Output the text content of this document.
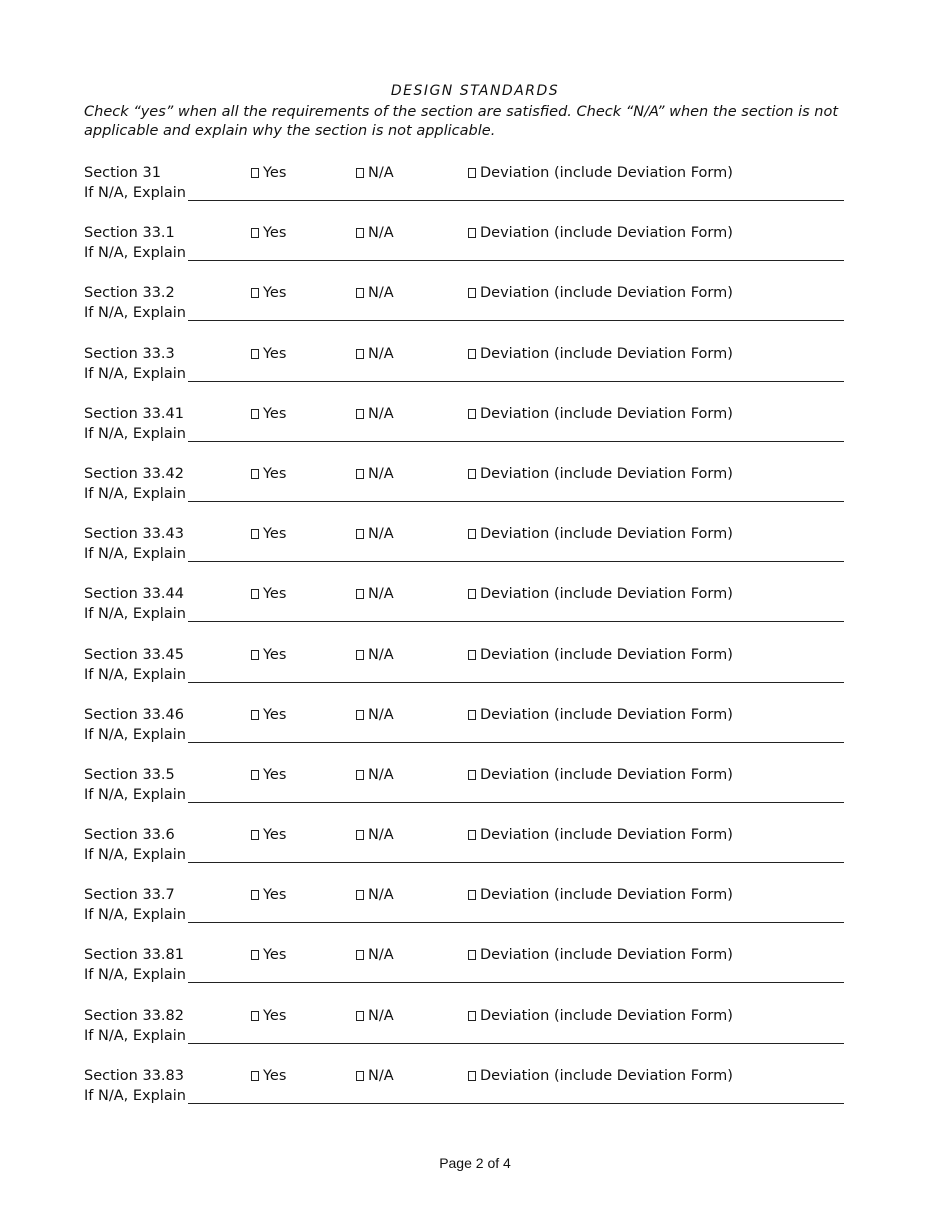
DESIGN STANDARDS
Check “yes” when all the requirements of the section are satisfied. Check “N/A” when the section is not applicable and explain why the section is not applicable.
Section 31	Yes	N/A	Deviation (include Deviation Form)
If N/A, Explain
Section 33.1	Yes	N/A	Deviation (include Deviation Form)
If N/A, Explain
Section 33.2	Yes	N/A	Deviation (include Deviation Form)
If N/A, Explain
Section 33.3	Yes	N/A	Deviation (include Deviation Form)
If N/A, Explain
Section 33.41	Yes	N/A	Deviation (include Deviation Form)
If N/A, Explain
Section 33.42	Yes	N/A	Deviation (include Deviation Form)
If N/A, Explain
Section 33.43	Yes	N/A	Deviation (include Deviation Form)
If N/A, Explain
Section 33.44	Yes	N/A	Deviation (include Deviation Form)
If N/A, Explain
Section 33.45	Yes	N/A	Deviation (include Deviation Form)
If N/A, Explain
Section 33.46	Yes	N/A	Deviation (include Deviation Form)
If N/A, Explain
Section 33.5	Yes	N/A	Deviation (include Deviation Form)
If N/A, Explain
Section 33.6	Yes	N/A	Deviation (include Deviation Form)
If N/A, Explain
Section 33.7	Yes	N/A	Deviation (include Deviation Form)
If N/A, Explain
Section 33.81	Yes	N/A	Deviation (include Deviation Form)
If N/A, Explain
Section 33.82	Yes	N/A	Deviation (include Deviation Form)
If N/A, Explain
Section 33.83	Yes	N/A	Deviation (include Deviation Form)
If N/A, Explain
Page 2 of 4
